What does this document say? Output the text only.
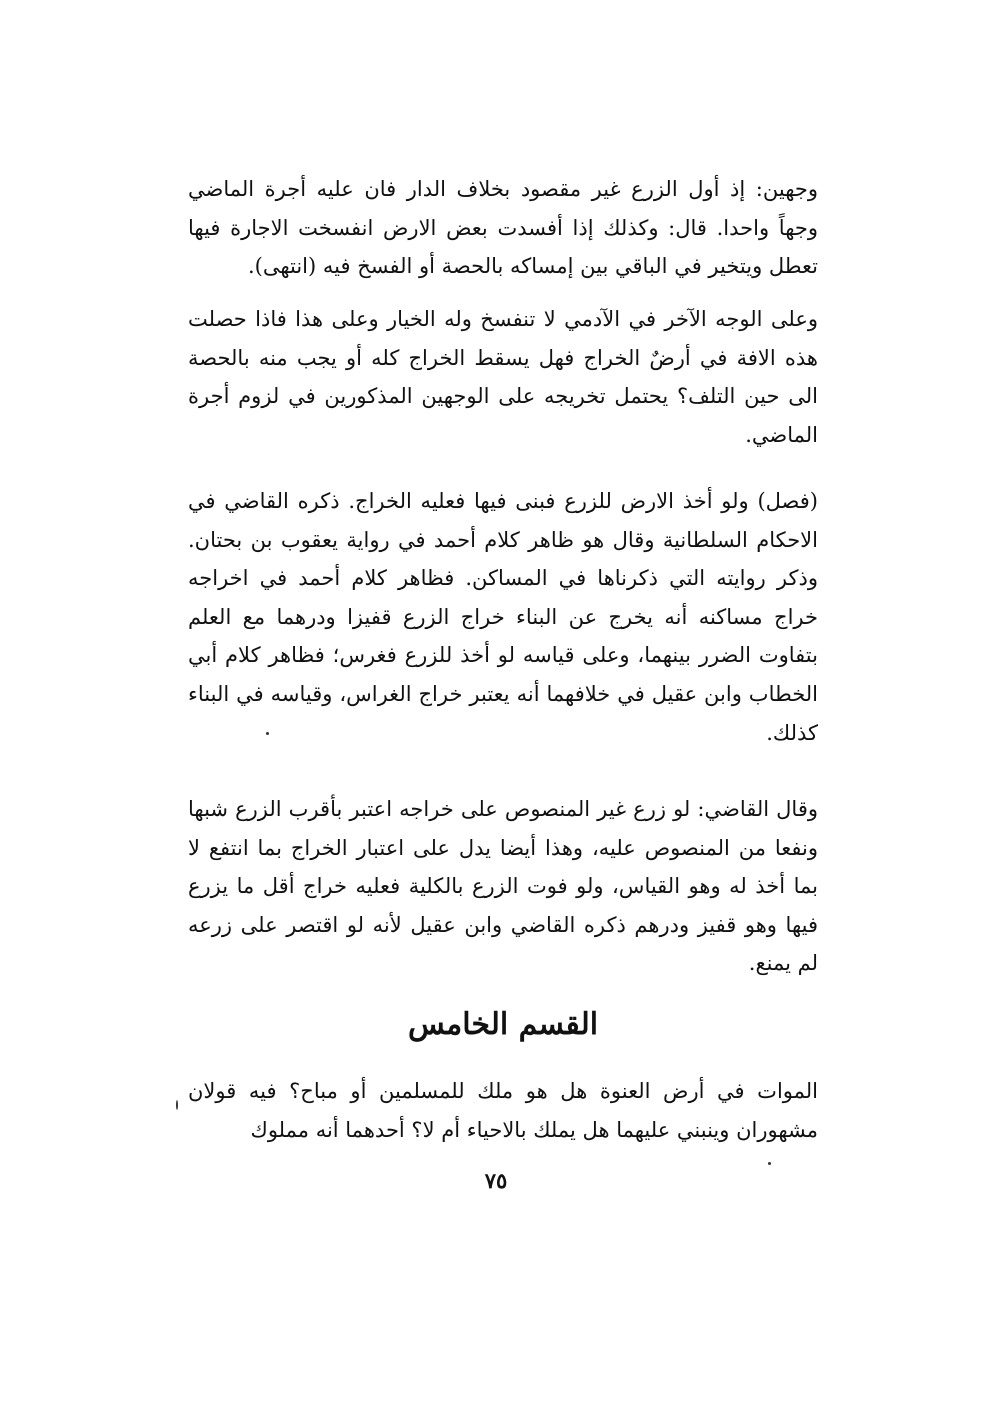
وجهين: إذ أول الزرع غير مقصود بخلاف الدار فان عليه أجرة الماضي وجهاً واحدا. قال: وكذلك إذا أفسدت بعض الارض انفسخت الاجارة فيها تعطل ويتخير في الباقي بين إمساكه بالحصة أو الفسخ فيه (انتهى).

وعلى الوجه الآخر في الآدمي لا تنفسخ وله الخيار وعلى هذا فاذا حصلت هذه الافة في أرضٌ الخراج فهل يسقط الخراج كله أو يجب منه بالحصة الى حين التلف؟ يحتمل تخريجه على الوجهين المذكورين في لزوم أجرة الماضي.

(فصل) ولو أخذ الارض للزرع فبنى فيها فعليه الخراج. ذكره القاضي في الاحكام السلطانية وقال هو ظاهر كلام أحمد في رواية يعقوب بن بحتان. وذكر روايته التي ذكرناها في المساكن. فظاهر كلام أحمد في اخراجه خراج مساكنه أنه يخرج عن البناء خراج الزرع قفيزا ودرهما مع العلم بتفاوت الضرر بينهما، وعلى قياسه لو أخذ للزرع فغرس؛ فظاهر كلام أبي الخطاب وابن عقيل في خلافهما أنه يعتبر خراج الغراس، وقياسه في البناء كذلك.

وقال القاضي: لو زرع غير المنصوص على خراجه اعتبر بأقرب الزرع شبها ونفعا من المنصوص عليه، وهذا أيضا يدل على اعتبار الخراج بما انتفع لا بما أخذ له وهو القياس، ولو فوت الزرع بالكلية فعليه خراج أقل ما يزرع فيها وهو قفيز ودرهم ذكره القاضي وابن عقيل لأنه لو اقتصر على زرعه لم يمنع.

القسم الخامس

الموات في أرض العنوة هل هو ملك للمسلمين أو مباح؟ فيه قولان مشهوران وينبني عليهما هل يملك بالاحياء أم لا؟ أحدهما أنه مملوك

٧٥
